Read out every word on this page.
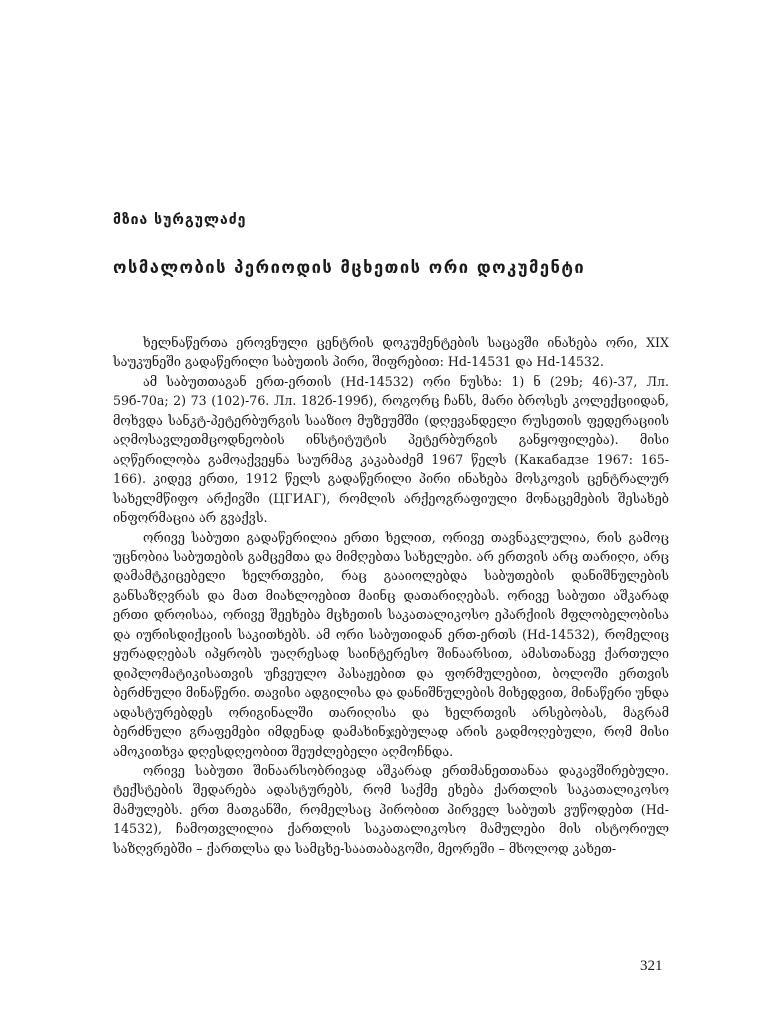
მზია სურგულაძე
ოსმალობის პერიოდის მცხეთის ორი დოკუმენტი

ხელნაწერთა ეროვნული ცენტრის დოკუმენტების საცავში ინახება ორი, XIX საუკუნეში გადაწერილი საბუთის პირი, შიფრებით: Hd-14531 და Hd-14532.

ამ საბუთთაგან ერთ-ერთის (Hd-14532) ორი ნუსხა: 1) ნ (29b; 46)-37, Лл. 59б-70а; 2) 73 (102)-76. Лл. 182б-199б), როგორც ჩანს, მარი ბროსეს კოლექციიდან, მოხვდა სანკტ-პეტერბურგის სააზიო მუზეუმში (დღევანდელი რუსეთის ფედერაციის აღმოსავლეთმცოდნეობის ინსტიტუტის პეტერბურგის განყოფილება). მისი აღწერილობა გამოაქვეყნა საურმაგ კაკაბაძემ 1967 წელს (Какабадзе 1967: 165-166). კიდევ ერთი, 1912 წელს გადაწერილი პირი ინახება მოსკოვის ცენტრალურ სახელმწიფო არქივში (ЦГИАГ), რომლის არქეოგრაფიული მონაცემების შესახებ ინფორმაცია არ გვაქვს.

ორივე საბუთი გადაწერილია ერთი ხელით, ორივე თავნაკლულია, რის გამოც უცნობია საბუთების გამცემთა და მიმღებთა სახელები. არ ერთვის არც თარიღი, არც დამამტკიცებელი ხელრთვები, რაც გააიოლებდა საბუთების დანიშნულების განსაზღვრას და მათ მიახლოებით მაინც დათარიღებას. ორივე საბუთი აშკარად ერთი დროისაა, ორივე შეეხება მცხეთის საკათალიკოსო ეპარქიის მფლობელობისა და იურისდიქციის საკითხებს. ამ ორი საბუთიდან ერთ-ერთს (Hd-14532), რომელიც ყურადღებას იპყრობს უაღრესად საინტერესო შინაარსით, ამასთანავე ქართული დიპლომატიკისათვის უჩვეულო პასაჟებით და ფორმულებით, ბოლოში ერთვის ბერძნული მინაწერი. თავისი ადგილისა და დანიშნულების მიხედვით, მინაწერი უნდა ადასტურებდეს ორიგინალში თარიღისა და ხელრთვის არსებობას, მაგრამ ბერძნული გრაფემები იმდენად დამახინჯებულად არის გადმოღებული, რომ მისი ამოკითხვა დღესდღეობით შეუძლებელი აღმოჩნდა.

ორივე საბუთი შინაარსობრივად აშკარად ერთმანეთთანაა დაკავშირებული. ტექსტების შედარება ადასტურებს, რომ საქმე ეხება ქართლის საკათალიკოსო მამულებს. ერთ მათგანში, რომელსაც პირობით პირველ საბუთს ვუწოდებთ (Hd-14532), ჩამოთვლილია ქართლის საკათალიკოსო მამულები მის ისტორიულ საზღვრებში – ქართლსა და სამცხე-საათაბაგოში, მეორეში – მხოლოდ კახეთ-

321
